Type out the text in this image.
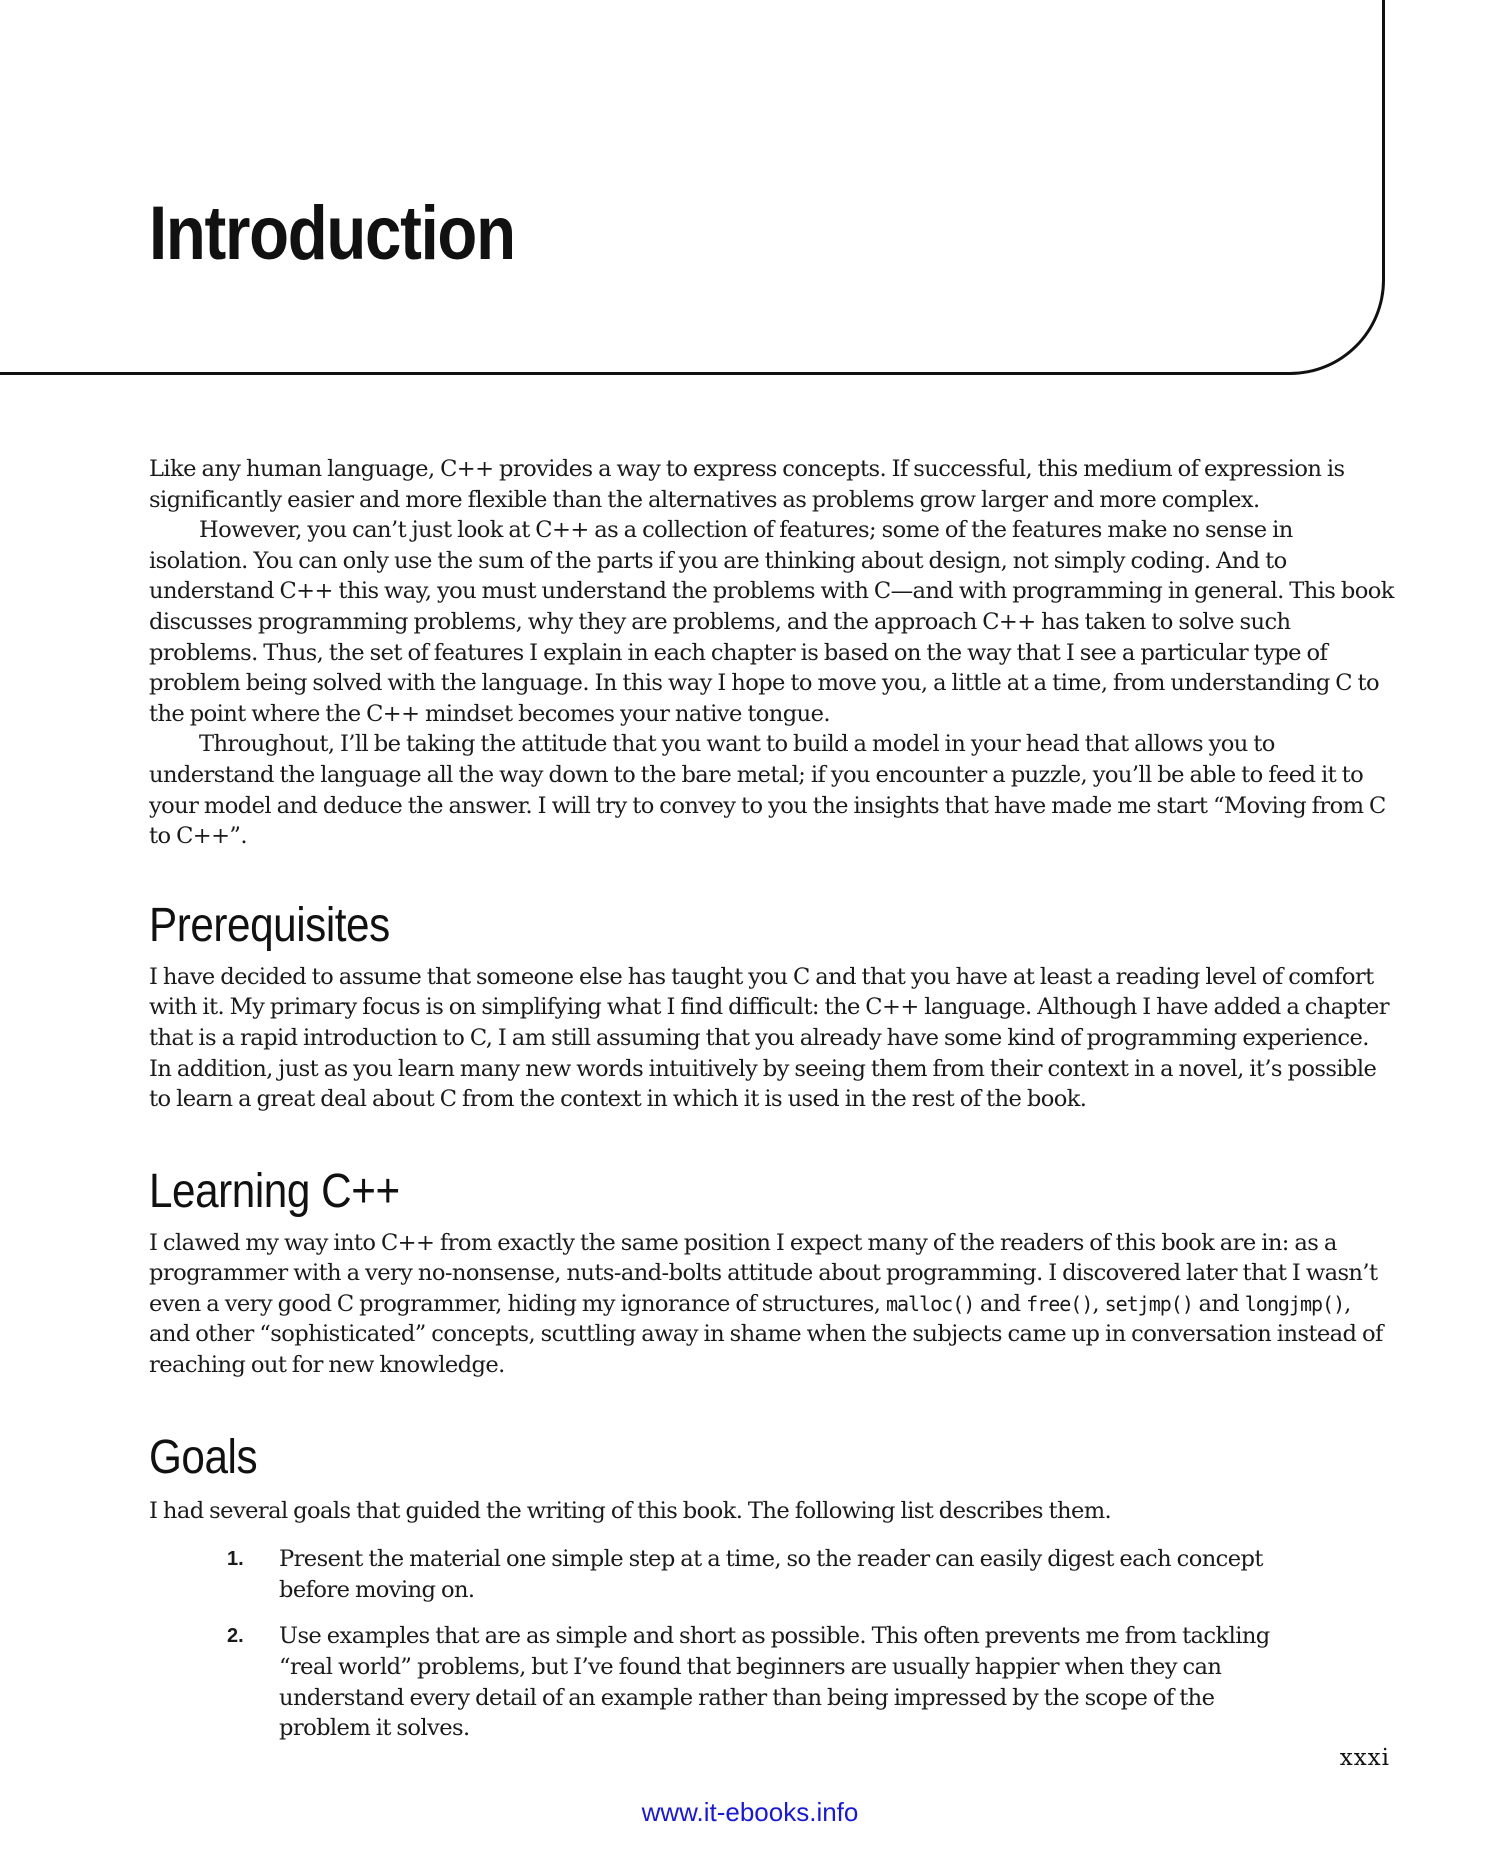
Introduction

Like any human language, C++ provides a way to express concepts. If successful, this medium of expression is significantly easier and more flexible than the alternatives as problems grow larger and more complex.

However, you can’t just look at C++ as a collection of features; some of the features make no sense in isolation. You can only use the sum of the parts if you are thinking about design, not simply coding. And to understand C++ this way, you must understand the problems with C—and with programming in general. This book discusses programming problems, why they are problems, and the approach C++ has taken to solve such problems. Thus, the set of features I explain in each chapter is based on the way that I see a particular type of problem being solved with the language. In this way I hope to move you, a little at a time, from understanding C to the point where the C++ mindset becomes your native tongue.

Throughout, I’ll be taking the attitude that you want to build a model in your head that allows you to understand the language all the way down to the bare metal; if you encounter a puzzle, you’ll be able to feed it to your model and deduce the answer. I will try to convey to you the insights that have made me start “Moving from C to C++”.

Prerequisites

I have decided to assume that someone else has taught you C and that you have at least a reading level of comfort with it. My primary focus is on simplifying what I find difficult: the C++ language. Although I have added a chapter that is a rapid introduction to C, I am still assuming that you already have some kind of programming experience. In addition, just as you learn many new words intuitively by seeing them from their context in a novel, it’s possible to learn a great deal about C from the context in which it is used in the rest of the book.

Learning C++

I clawed my way into C++ from exactly the same position I expect many of the readers of this book are in: as a programmer with a very no-nonsense, nuts-and-bolts attitude about programming. I discovered later that I wasn’t even a very good C programmer, hiding my ignorance of structures, malloc() and free(), setjmp() and longjmp(), and other “sophisticated” concepts, scuttling away in shame when the subjects came up in conversation instead of reaching out for new knowledge.

Goals

I had several goals that guided the writing of this book. The following list describes them.

1. Present the material one simple step at a time, so the reader can easily digest each concept before moving on.
2. Use examples that are as simple and short as possible. This often prevents me from tackling “real world” problems, but I’ve found that beginners are usually happier when they can understand every detail of an example rather than being impressed by the scope of the problem it solves.
xxxi
www.it-ebooks.info
